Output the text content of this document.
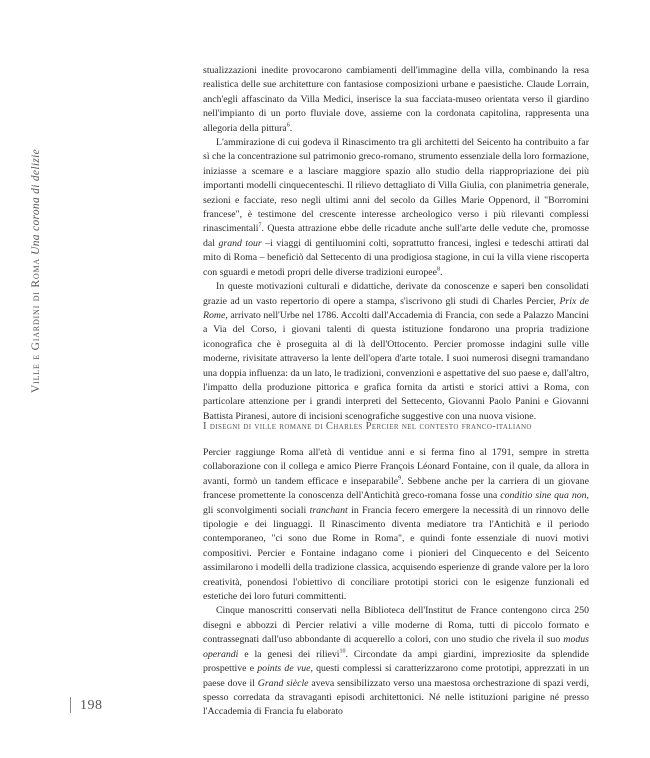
Ville e Giardini di Roma Una corona di delizie

stualizzazioni inedite provocarono cambiamenti dell'immagine della villa, combinando la resa realistica delle sue architetture con fantasiose composizioni urbane e paesistiche. Claude Lorrain, anch'egli affascinato da Villa Medici, inserisce la sua facciata-museo orientata verso il giardino nell'impianto di un porto fluviale dove, assieme con la cordonata capitolina, rappresenta una allegoria della pittura$^6$.

L'ammirazione di cui godeva il Rinascimento tra gli architetti del Seicento ha contribuito a far sì che la concentrazione sul patrimonio greco-romano, strumento essenziale della loro formazione, iniziasse a scemare e a lasciare maggiore spazio allo studio della riappropriazione dei più importanti modelli cinquecenteschi. Il rilievo dettagliato di Villa Giulia, con planimetria generale, sezioni e facciate, reso negli ultimi anni del secolo da Gilles Marie Oppenord, il "Borromini francese", è testimone del crescente interesse archeologico verso i più rilevanti complessi rinascimentali$^7$. Questa attrazione ebbe delle ricadute anche sull'arte delle vedute che, promosse dal grand tour –i viaggi di gentiluomini colti, soprattutto francesi, inglesi e tedeschi attirati dal mito di Roma – beneficiò dal Settecento di una prodigiosa stagione, in cui la villa viene riscoperta con sguardi e metodi propri delle diverse tradizioni europee$^8$.

In queste motivazioni culturali e didattiche, derivate da conoscenze e saperi ben consolidati grazie ad un vasto repertorio di opere a stampa, s'iscrivono gli studi di Charles Percier, Prix de Rome, arrivato nell'Urbe nel 1786. Accolti dall'Accademia di Francia, con sede a Palazzo Mancini a Via del Corso, i giovani talenti di questa istituzione fondarono una propria tradizione iconografica che è proseguita al di là dell'Ottocento. Percier promosse indagini sulle ville moderne, rivisitate attraverso la lente dell'opera d'arte totale. I suoi numerosi disegni tramandano una doppia influenza: da un lato, le tradizioni, convenzioni e aspettative del suo paese e, dall'altro, l'impatto della produzione pittorica e grafica fornita da artisti e storici attivi a Roma, con particolare attenzione per i grandi interpreti del Settecento, Giovanni Paolo Panini e Giovanni Battista Piranesi, autore di incisioni scenografiche suggestive con una nuova visione.

I disegni di ville romane di Charles Percier nel contesto franco-italiano

Percier raggiunge Roma all'età di ventidue anni e si ferma fino al 1791, sempre in stretta collaborazione con il collega e amico Pierre François Léonard Fontaine, con il quale, da allora in avanti, formò un tandem efficace e inseparabile$^9$. Sebbene anche per la carriera di un giovane francese promettente la conoscenza dell'Antichità greco-romana fosse una conditio sine qua non, gli sconvolgimenti sociali tranchant in Francia fecero emergere la necessità di un rinnovo delle tipologie e dei linguaggi. Il Rinascimento diventa mediatore tra l'Antichità e il periodo contemporaneo, "ci sono due Rome in Roma", e quindi fonte essenziale di nuovi motivi compositivi. Percier e Fontaine indagano come i pionieri del Cinquecento e del Seicento assimilarono i modelli della tradizione classica, acquisendo esperienze di grande valore per la loro creatività, ponendosi l'obiettivo di conciliare prototipi storici con le esigenze funzionali ed estetiche dei loro futuri committenti.

Cinque manoscritti conservati nella Biblioteca dell'Institut de France contengono circa 250 disegni e abbozzi di Percier relativi a ville moderne di Roma, tutti di piccolo formato e contrassegnati dall'uso abbondante di acquerello a colori, con uno studio che rivela il suo modus operandi e la genesi dei rilievi$^{10}$. Circondate da ampi giardini, impreziosite da splendide prospettive e points de vue, questi complessi si caratterizzarono come prototipi, apprezzati in un paese dove il Grand siècle aveva sensibilizzato verso una maestosa orchestrazione di spazi verdi, spesso corredata da stravaganti episodi architettonici. Né nelle istituzioni parigine né presso l'Accademia di Francia fu elaborato

198
